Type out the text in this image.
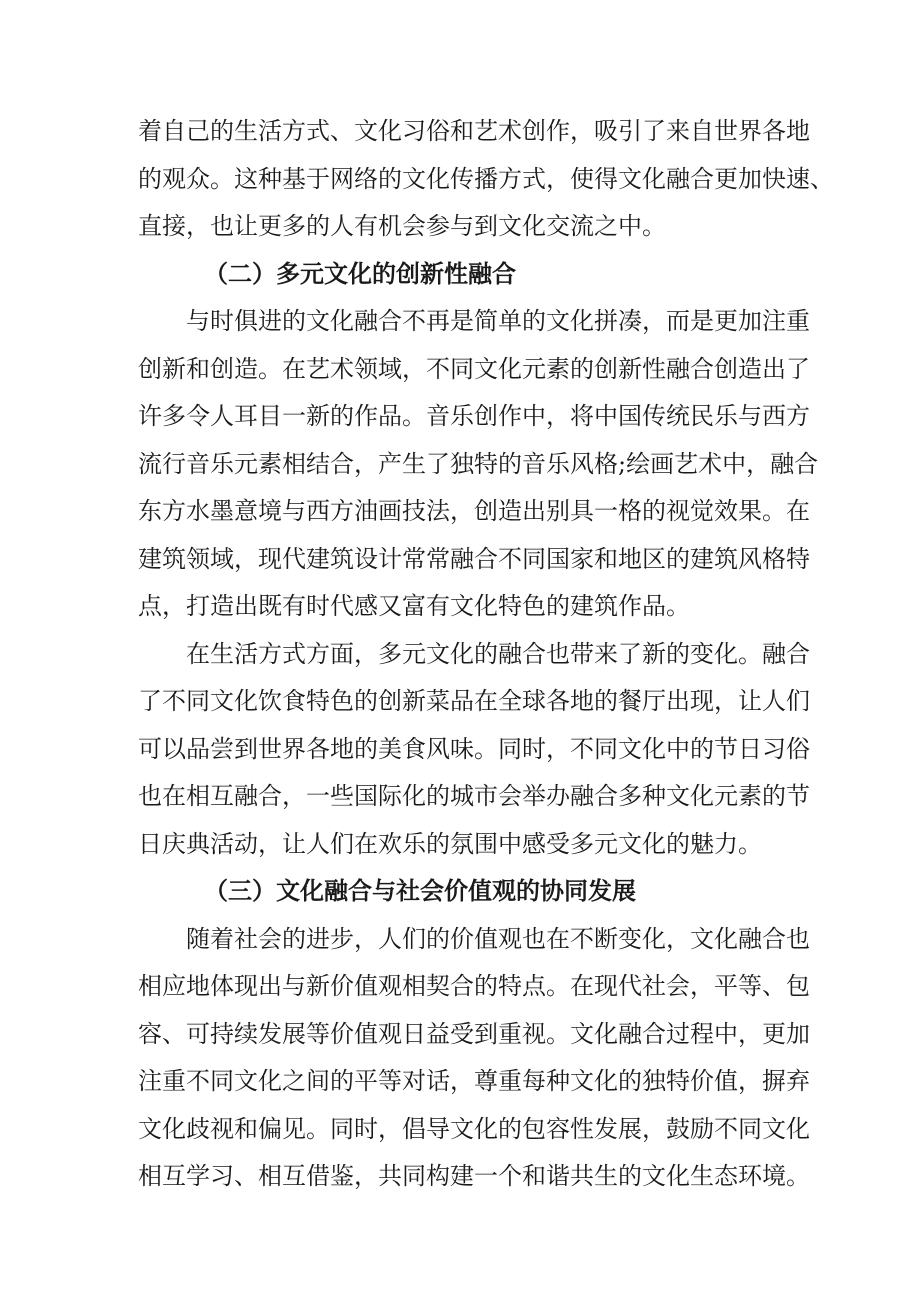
着自己的生活方式、文化习俗和艺术创作，吸引了来自世界各地
的观众。这种基于网络的文化传播方式，使得文化融合更加快速、
直接，也让更多的人有机会参与到文化交流之中。
（二）多元文化的创新性融合
与时俱进的文化融合不再是简单的文化拼凑，而是更加注重
创新和创造。在艺术领域，不同文化元素的创新性融合创造出了
许多令人耳目一新的作品。音乐创作中，将中国传统民乐与西方
流行音乐元素相结合，产生了独特的音乐风格;绘画艺术中，融合
东方水墨意境与西方油画技法，创造出别具一格的视觉效果。在
建筑领域，现代建筑设计常常融合不同国家和地区的建筑风格特
点，打造出既有时代感又富有文化特色的建筑作品。
在生活方式方面，多元文化的融合也带来了新的变化。融合
了不同文化饮食特色的创新菜品在全球各地的餐厅出现，让人们
可以品尝到世界各地的美食风味。同时，不同文化中的节日习俗
也在相互融合，一些国际化的城市会举办融合多种文化元素的节
日庆典活动，让人们在欢乐的氛围中感受多元文化的魅力。
（三）文化融合与社会价值观的协同发展
随着社会的进步，人们的价值观也在不断变化，文化融合也
相应地体现出与新价值观相契合的特点。在现代社会，平等、包
容、可持续发展等价值观日益受到重视。文化融合过程中，更加
注重不同文化之间的平等对话，尊重每种文化的独特价值，摒弃
文化歧视和偏见。同时，倡导文化的包容性发展，鼓励不同文化
相互学习、相互借鉴，共同构建一个和谐共生的文化生态环境。
